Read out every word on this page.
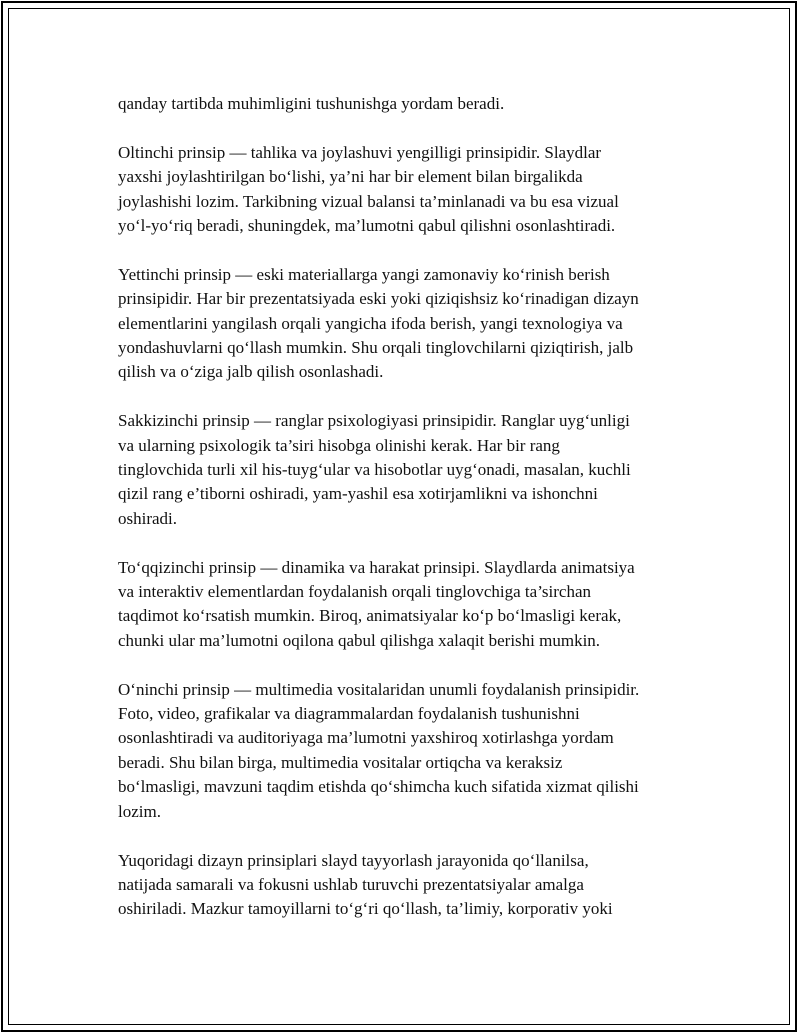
qanday tartibda muhimligini tushunishga yordam beradi.

Oltinchi prinsip — tahlika va joylashuvi yengilligi prinsipidir. Slaydlar
yaxshi joylashtirilgan bo‘lishi, ya’ni har bir element bilan birgalikda
joylashishi lozim. Tarkibning vizual balansi ta’minlanadi va bu esa vizual
yo‘l-yo‘riq beradi, shuningdek, ma’lumotni qabul qilishni osonlashtiradi.

Yettinchi prinsip — eski materiallarga yangi zamonaviy ko‘rinish berish
prinsipidir. Har bir prezentatsiyada eski yoki qiziqishsiz ko‘rinadigan dizayn
elementlarini yangilash orqali yangicha ifoda berish, yangi texnologiya va
yondashuvlarni qo‘llash mumkin. Shu orqali tinglovchilarni qiziqtirish, jalb
qilish va o‘ziga jalb qilish osonlashadi.

Sakkizinchi prinsip — ranglar psixologiyasi prinsipidir. Ranglar uyg‘unligi
va ularning psixologik ta’siri hisobga olinishi kerak. Har bir rang
tinglovchida turli xil his-tuyg‘ular va hisobotlar uyg‘onadi, masalan, kuchli
qizil rang e’tiborni oshiradi, yam-yashil esa xotirjamlikni va ishonchni
oshiradi.

To‘qqizinchi prinsip — dinamika va harakat prinsipi. Slaydlarda animatsiya
va interaktiv elementlardan foydalanish orqali tinglovchiga ta’sirchan
taqdimot ko‘rsatish mumkin. Biroq, animatsiyalar ko‘p bo‘lmasligi kerak,
chunki ular ma’lumotni oqilona qabul qilishga xalaqit berishi mumkin.

O‘ninchi prinsip — multimedia vositalaridan unumli foydalanish prinsipidir.
Foto, video, grafikalar va diagrammalardan foydalanish tushunishni
osonlashtiradi va auditoriyaga ma’lumotni yaxshiroq xotirlashga yordam
beradi. Shu bilan birga, multimedia vositalar ortiqcha va keraksiz
bo‘lmasligi, mavzuni taqdim etishda qo‘shimcha kuch sifatida xizmat qilishi
lozim.

Yuqoridagi dizayn prinsiplari slayd tayyorlash jarayonida qo‘llanilsa,
natijada samarali va fokusni ushlab turuvchi prezentatsiyalar amalga
oshiriladi. Mazkur tamoyillarni to‘g‘ri qo‘llash, ta’limiy, korporativ yoki
